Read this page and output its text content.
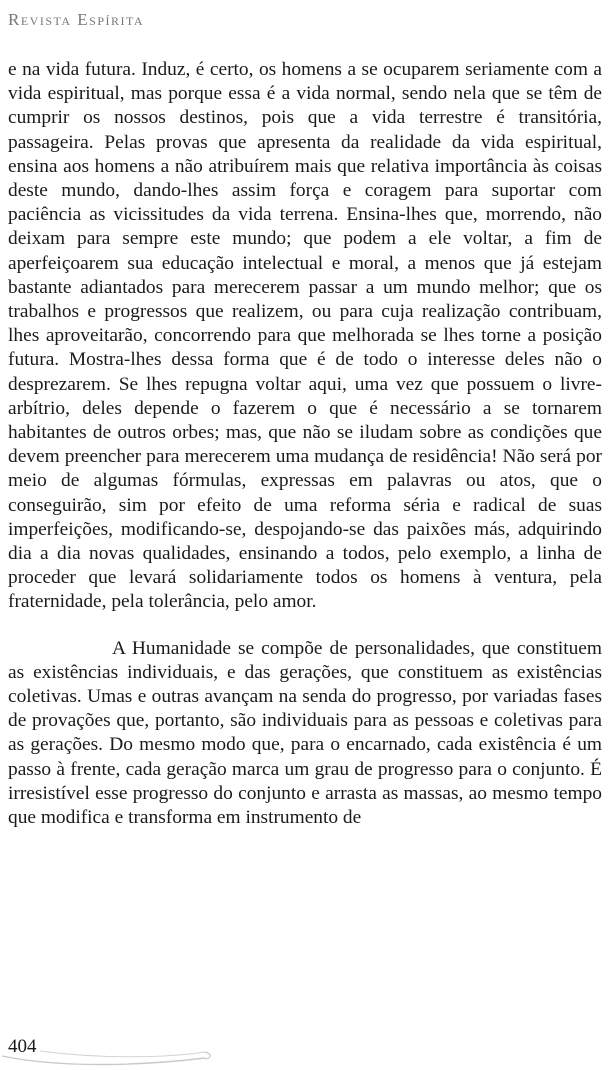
Revista Espírita

e na vida futura. Induz, é certo, os homens a se ocuparem seriamente com a vida espiritual, mas porque essa é a vida normal, sendo nela que se têm de cumprir os nossos destinos, pois que a vida terrestre é transitória, passageira. Pelas provas que apresenta da realidade da vida espiritual, ensina aos homens a não atribuírem mais que relativa importância às coisas deste mundo, dando-lhes assim força e coragem para suportar com paciência as vicissitudes da vida terrena. Ensina-lhes que, morrendo, não deixam para sempre este mundo; que podem a ele voltar, a fim de aperfeiçoarem sua educação intelectual e moral, a menos que já estejam bastante adiantados para merecerem passar a um mundo melhor; que os trabalhos e progressos que realizem, ou para cuja realização contribuam, lhes aproveitarão, concorrendo para que melhorada se lhes torne a posição futura. Mostra-lhes dessa forma que é de todo o interesse deles não o desprezarem. Se lhes repugna voltar aqui, uma vez que possuem o livre-arbítrio, deles depende o fazerem o que é necessário a se tornarem habitantes de outros orbes; mas, que não se iludam sobre as condições que devem preencher para merecerem uma mudança de residência! Não será por meio de algumas fórmulas, expressas em palavras ou atos, que o conseguirão, sim por efeito de uma reforma séria e radical de suas imperfeições, modificando-se, despojando-se das paixões más, adquirindo dia a dia novas qualidades, ensinando a todos, pelo exemplo, a linha de proceder que levará solidariamente todos os homens à ventura, pela fraternidade, pela tolerância, pelo amor.

A Humanidade se compõe de personalidades, que constituem as existências individuais, e das gerações, que constituem as existências coletivas. Umas e outras avançam na senda do progresso, por variadas fases de provações que, portanto, são individuais para as pessoas e coletivas para as gerações. Do mesmo modo que, para o encarnado, cada existência é um passo à frente, cada geração marca um grau de progresso para o conjunto. É irresistível esse progresso do conjunto e arrasta as massas, ao mesmo tempo que modifica e transforma em instrumento de

404
